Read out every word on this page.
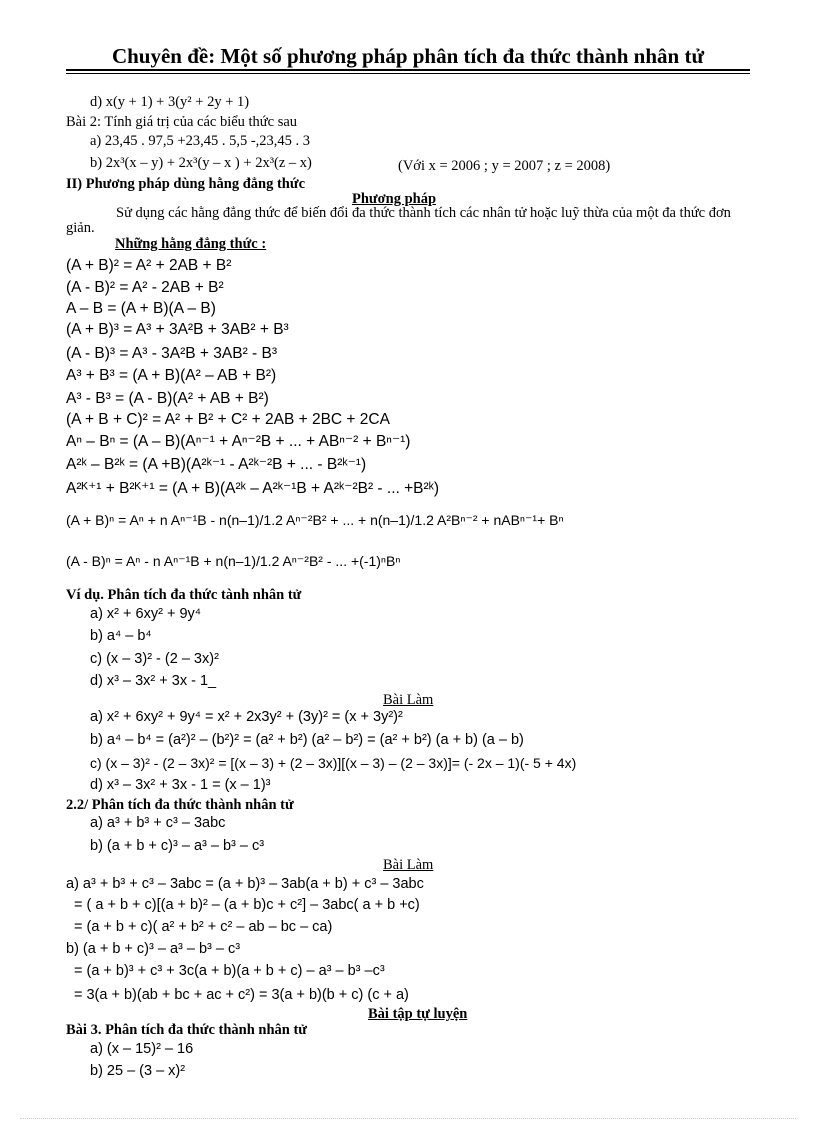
Chuyên đề: Một số phương pháp phân tích đa thức thành nhân tử
d) x(y + 1) + 3(y² + 2y + 1)
Bài 2: Tính giá trị của các biểu thức sau
a) 23,45 . 97,5 +23,45 . 5,5 -,23,45 . 3
b) 2x³(x – y) + 2x³(y – x ) + 2x³(z – x)	(Với x = 2006 ; y = 2007 ; z = 2008)
II) Phương pháp dùng hằng đẳng thức
Phương pháp
Sử dụng các hằng đẳng thức để biến đổi đa thức thành tích các nhân tử hoặc luỹ thừa của một đa thức đơn giản.
Những hằng đẳng thức :
(A + B)² = A² + 2AB + B²
(A - B)² = A² - 2AB + B²
A – B = (A + B)(A – B)
(A + B)³ = A³ + 3A²B + 3AB² + B³
(A - B)³ = A³ - 3A²B + 3AB² - B³
A³ + B³ = (A + B)(A² – AB + B²)
A³ - B³ = (A - B)(A² + AB + B²)
(A + B + C)² = A² + B² + C² + 2AB + 2BC + 2CA
Aⁿ – Bⁿ = (A – B)(Aⁿ⁻¹ + Aⁿ⁻²B + ... + ABⁿ⁻² + Bⁿ⁻¹)
A²ᵏ – B²ᵏ = (A +B)(A²ᵏ⁻¹ - A²ᵏ⁻²B + ... - B²ᵏ⁻¹)
A²ᴷ⁺¹ + B²ᴷ⁺¹ = (A + B)(A²ᵏ – A²ᵏ⁻¹B + A²ᵏ⁻²B² - ... +B²ᵏ)
(A + B)ⁿ = Aⁿ + n Aⁿ⁻¹B - n(n–1)/1.2 Aⁿ⁻²B² + ... + n(n–1)/1.2 A²Bⁿ⁻² + nABⁿ⁻¹+ Bⁿ
(A - B)ⁿ = Aⁿ - n Aⁿ⁻¹B + n(n–1)/1.2 Aⁿ⁻²B² - ... +(-1)ⁿBⁿ
Ví dụ. Phân tích đa thức tành nhân tử
a) x² + 6xy² + 9y⁴
b) a⁴ – b⁴
c) (x – 3)² - (2 – 3x)²
d) x³ – 3x² + 3x - 1_
Bài Làm
a) x² + 6xy² + 9y⁴ = x² + 2x3y² + (3y)² = (x + 3y²)²
b) a⁴ – b⁴ = (a²)² – (b²)² = (a² + b²) (a² – b²) = (a² + b²) (a + b) (a – b)
c) (x – 3)² - (2 – 3x)² = [(x – 3) + (2 – 3x)][(x – 3) – (2 – 3x)]= (- 2x – 1)(- 5 + 4x)
d) x³ – 3x² + 3x - 1 = (x – 1)³
2.2/ Phân tích đa thức thành nhân tử
a) a³ + b³ + c³ – 3abc
b) (a + b + c)³ – a³ – b³ – c³
Bài Làm
a) a³ + b³ + c³ – 3abc = (a + b)³ – 3ab(a + b) + c³ – 3abc
= ( a + b + c)[(a + b)² – (a + b)c + c²] – 3abc( a + b +c)
= (a + b + c)( a² + b² + c² – ab – bc – ca)
b) (a + b + c)³ – a³ – b³ – c³
= (a + b)³ + c³ + 3c(a + b)(a + b + c) – a³ – b³ –c³
= 3(a + b)(ab + bc + ac + c²) = 3(a + b)(b + c) (c + a)
Bài tập tự luyện
Bài 3. Phân tích đa thức thành nhân tử
a) (x – 15)² – 16
b) 25 – (3 – x)²
